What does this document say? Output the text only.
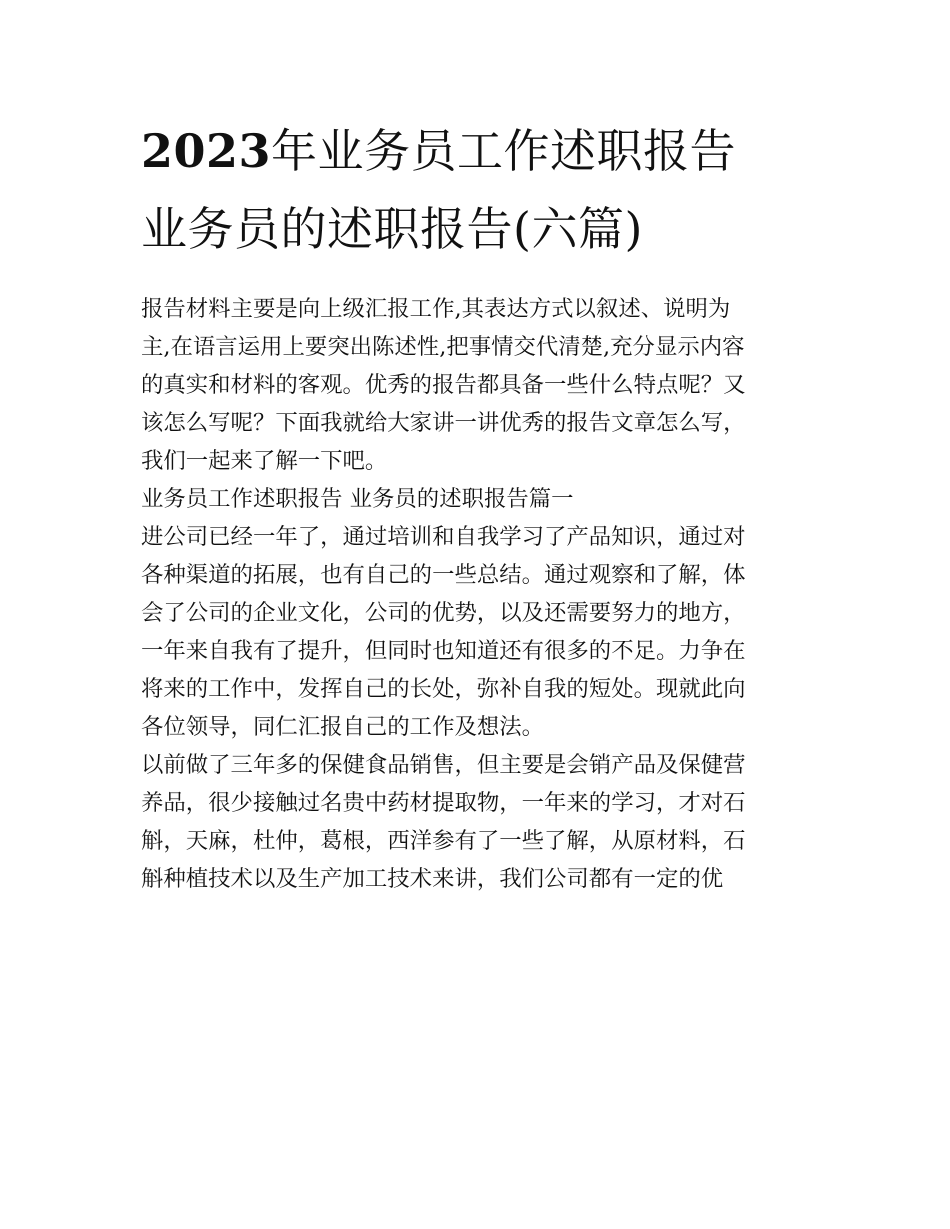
2023年业务员工作述职报告
业务员的述职报告(六篇)

报告材料主要是向上级汇报工作,其表达方式以叙述、说明为
主,在语言运用上要突出陈述性,把事情交代清楚,充分显示内容
的真实和材料的客观。优秀的报告都具备一些什么特点呢？又
该怎么写呢？下面我就给大家讲一讲优秀的报告文章怎么写，
我们一起来了解一下吧。

业务员工作述职报告 业务员的述职报告篇一

进公司已经一年了，通过培训和自我学习了产品知识，通过对
各种渠道的拓展，也有自己的一些总结。通过观察和了解，体
会了公司的企业文化，公司的优势，以及还需要努力的地方，
一年来自我有了提升，但同时也知道还有很多的不足。力争在
将来的工作中，发挥自己的长处，弥补自我的短处。现就此向
各位领导，同仁汇报自己的工作及想法。

以前做了三年多的保健食品销售，但主要是会销产品及保健营
养品，很少接触过名贵中药材提取物，一年来的学习，才对石
斛，天麻，杜仲，葛根，西洋参有了一些了解，从原材料，石
斛种植技术以及生产加工技术来讲，我们公司都有一定的优
